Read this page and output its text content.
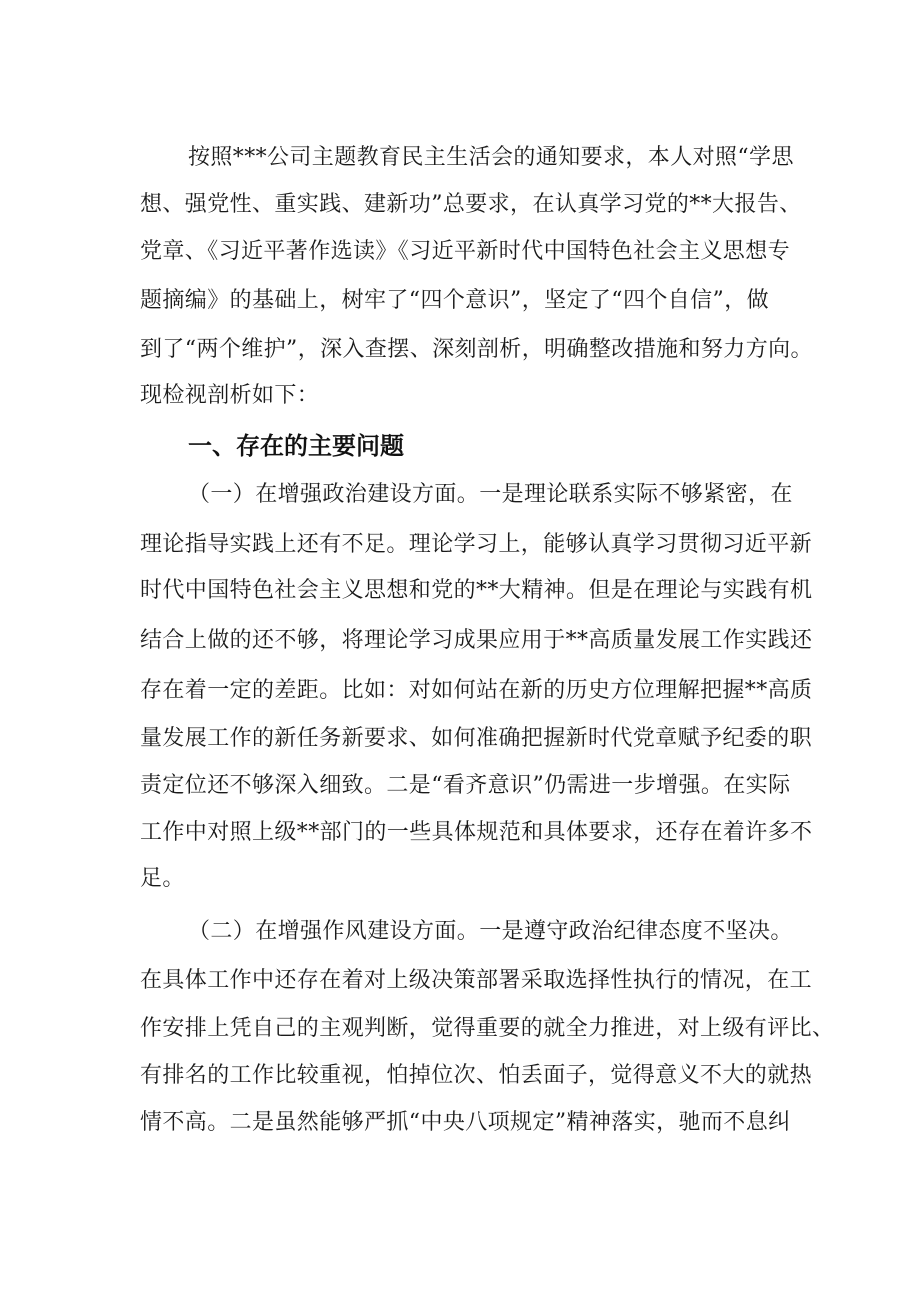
按照***公司主题教育民主生活会的通知要求，本人对照“学思
想、强党性、重实践、建新功”总要求，在认真学习党的**大报告、
党章、《习近平著作选读》《习近平新时代中国特色社会主义思想专
题摘编》的基础上，树牢了“四个意识”，坚定了“四个自信”，做
到了“两个维护”，深入查摆、深刻剖析，明确整改措施和努力方向。
现检视剖析如下：
一、存在的主要问题
（一）在增强政治建设方面。一是理论联系实际不够紧密，在
理论指导实践上还有不足。理论学习上，能够认真学习贯彻习近平新
时代中国特色社会主义思想和党的**大精神。但是在理论与实践有机
结合上做的还不够，将理论学习成果应用于**高质量发展工作实践还
存在着一定的差距。比如：对如何站在新的历史方位理解把握**高质
量发展工作的新任务新要求、如何准确把握新时代党章赋予纪委的职
责定位还不够深入细致。二是“看齐意识”仍需进一步增强。在实际
工作中对照上级**部门的一些具体规范和具体要求，还存在着许多不
足。
（二）在增强作风建设方面。一是遵守政治纪律态度不坚决。
在具体工作中还存在着对上级决策部署采取选择性执行的情况，在工
作安排上凭自己的主观判断，觉得重要的就全力推进，对上级有评比、
有排名的工作比较重视，怕掉位次、怕丢面子，觉得意义不大的就热
情不高。二是虽然能够严抓“中央八项规定”精神落实，驰而不息纠
